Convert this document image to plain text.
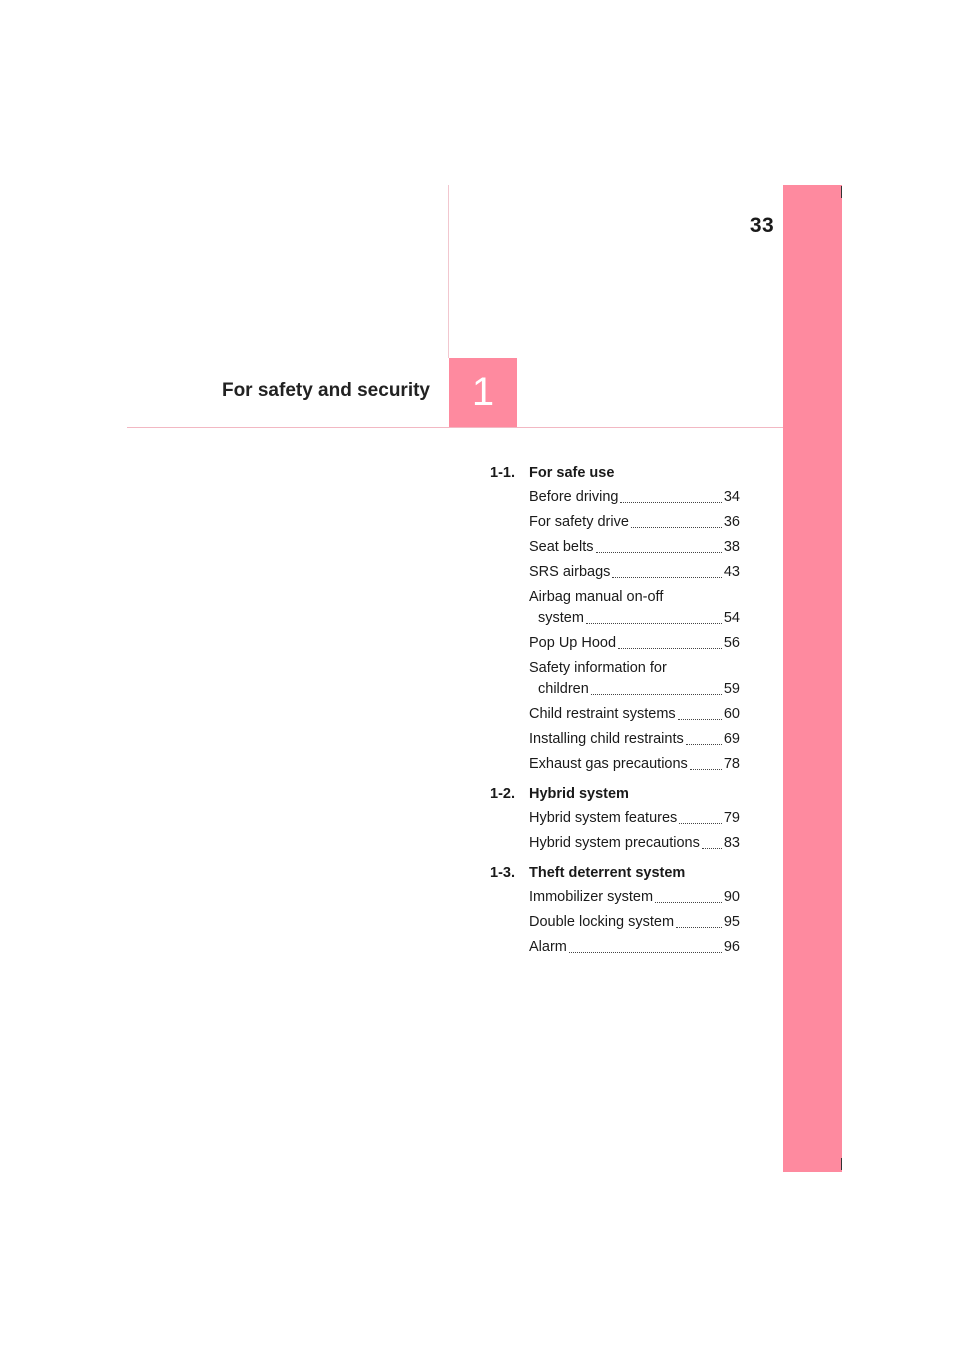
33
For safety and security	1
1-1. For safe use
Before driving	34
For safety drive	36
Seat belts	38
SRS airbags	43
Airbag manual on-off
system	54
Pop Up Hood	56
Safety information for
children	59
Child restraint systems	60
Installing child restraints	69
Exhaust gas precautions 78
1-2. Hybrid system
Hybrid system features	79
Hybrid system precautions 83
1-3. Theft deterrent system
Immobilizer system	90
Double locking system	95
Alarm	96
